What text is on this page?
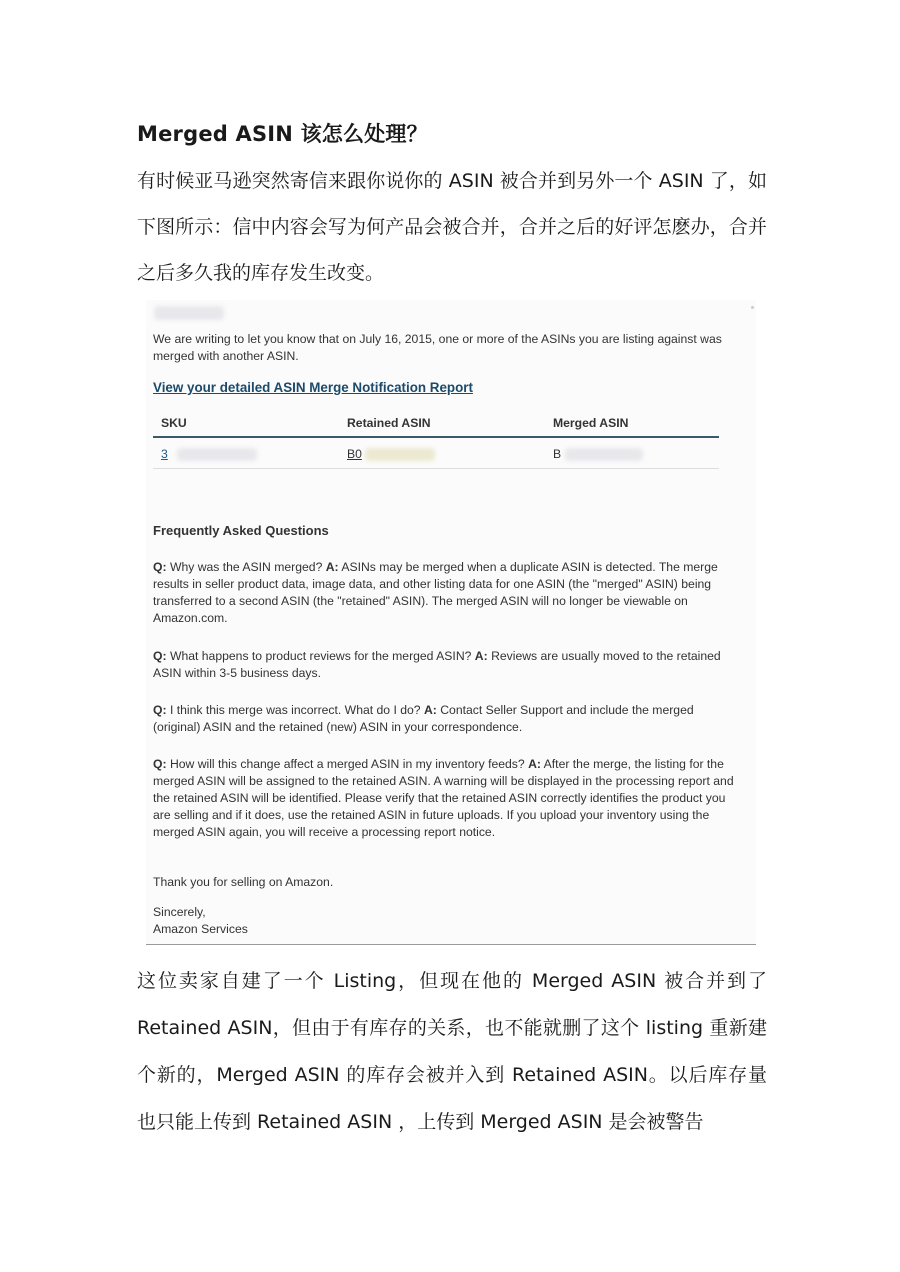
Merged ASIN 该怎么处理？

有时候亚马逊突然寄信来跟你说你的 ASIN 被合并到另外一个 ASIN 了，如下图所示：信中内容会写为何产品会被合并，合并之后的好评怎麽办，合并之后多久我的库存发生改变。

We are writing to let you know that on July 16, 2015, one or more of the ASINs you are listing against was merged with another ASIN.

View your detailed ASIN Merge Notification Report

SKU	Retained ASIN	Merged ASIN
3	B0	B

Frequently Asked Questions

Q: Why was the ASIN merged? A: ASINs may be merged when a duplicate ASIN is detected. The merge results in seller product data, image data, and other listing data for one ASIN (the "merged" ASIN) being transferred to a second ASIN (the "retained" ASIN). The merged ASIN will no longer be viewable on Amazon.com.

Q: What happens to product reviews for the merged ASIN? A: Reviews are usually moved to the retained ASIN within 3-5 business days.

Q: I think this merge was incorrect. What do I do? A: Contact Seller Support and include the merged (original) ASIN and the retained (new) ASIN in your correspondence.

Q: How will this change affect a merged ASIN in my inventory feeds? A: After the merge, the listing for the merged ASIN will be assigned to the retained ASIN. A warning will be displayed in the processing report and the retained ASIN will be identified. Please verify that the retained ASIN correctly identifies the product you are selling and if it does, use the retained ASIN in future uploads. If you upload your inventory using the merged ASIN again, you will receive a processing report notice.

Thank you for selling on Amazon.

Sincerely,

Amazon Services

这位卖家自建了一个 Listing，但现在他的 Merged ASIN 被合并到了 Retained ASIN，但由于有库存的关系，也不能就删了这个 listing 重新建个新的，Merged ASIN 的库存会被并入到 Retained ASIN。以后库存量也只能上传到 Retained ASIN ，上传到 Merged ASIN 是会被警告
